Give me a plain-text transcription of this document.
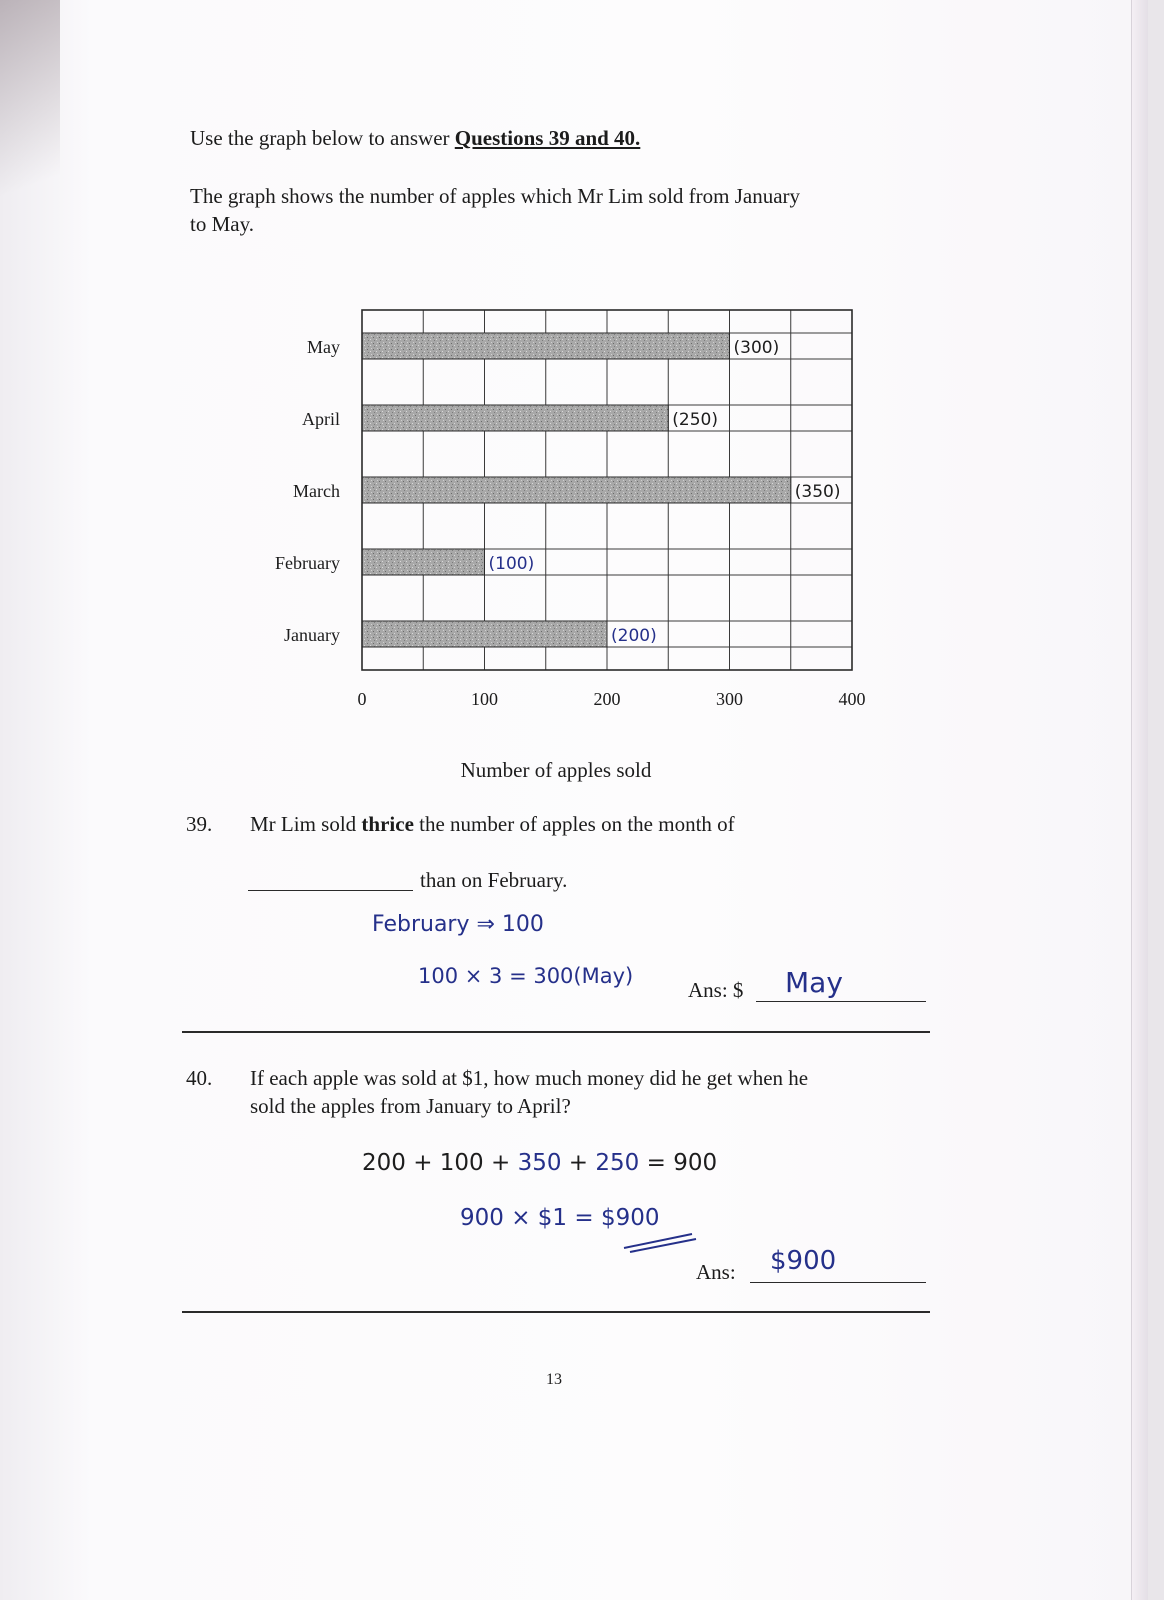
Use the graph below to answer Questions 39 and 40.
The graph shows the number of apples which Mr Lim sold from January
to May.
May
April
March
February
January
0	100	200	300	400
(300)
(250)
(350)
(100)
(200)
Number of apples sold
39. Mr Lim sold thrice the number of apples on the month of
than on February.
February ⇒ 100
100 × 3 = 300(May)
Ans: $ May
40. If each apple was sold at $1, how much money did he get when he
sold the apples from January to April?
200 + 100 + 350 + 250 = 900
900 × $1 = $900
Ans: $900
13
